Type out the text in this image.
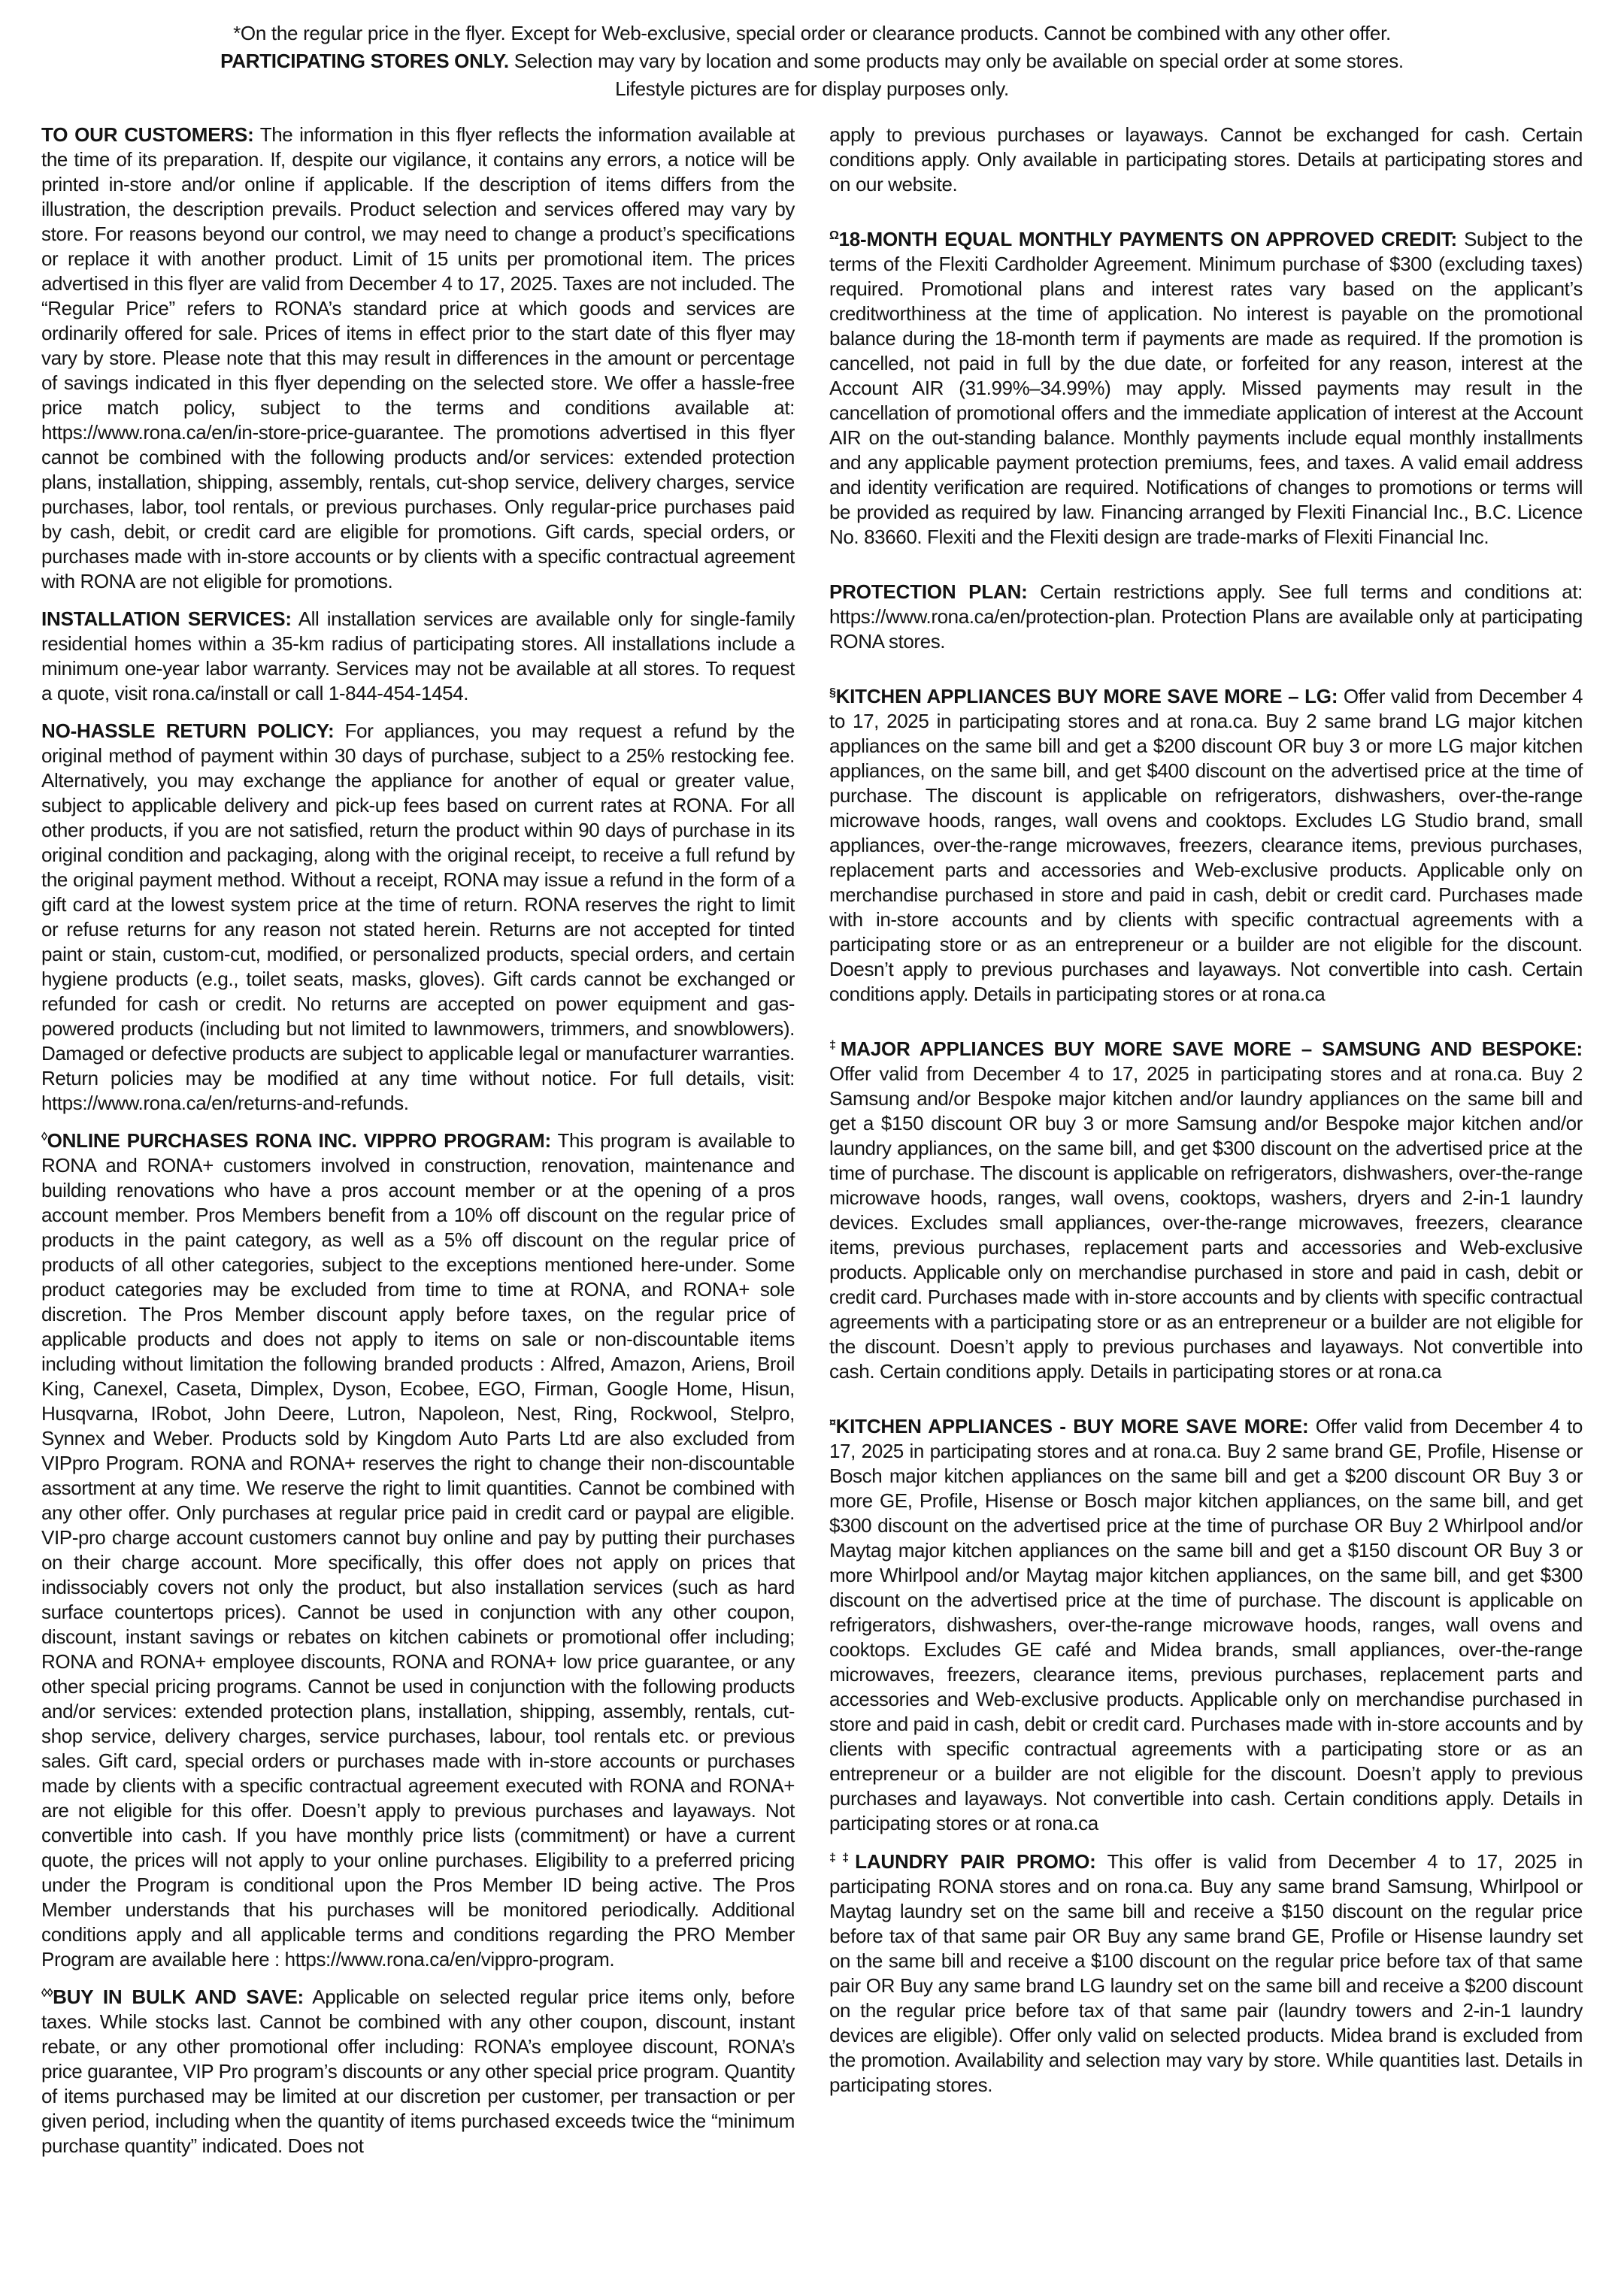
*On the regular price in the flyer. Except for Web-exclusive, special order or clearance products. Cannot be combined with any other offer.
PARTICIPATING STORES ONLY. Selection may vary by location and some products may only be available on special order at some stores.
Lifestyle pictures are for display purposes only.

TO OUR CUSTOMERS: The information in this flyer reflects the information available at the time of its preparation. If, despite our vigilance, it contains any errors, a notice will be printed in-store and/or online if applicable. If the description of items differs from the illustration, the description prevails. Product selection and services offered may vary by store. For reasons beyond our control, we may need to change a product’s specifications or replace it with another product. Limit of 15 units per promotional item. The prices advertised in this flyer are valid from December 4 to 17, 2025. Taxes are not included. The “Regular Price” refers to RONA’s standard price at which goods and services are ordinarily offered for sale. Prices of items in effect prior to the start date of this flyer may vary by store. Please note that this may result in differences in the amount or percentage of savings indicated in this flyer depending on the selected store. We offer a hassle-free price match policy, subject to the terms and conditions available at: https://www.rona.ca/en/in-store-price-guarantee. The promotions advertised in this flyer cannot be combined with the following products and/or services: extended protection plans, installation, shipping, assembly, rentals, cut-shop service, delivery charges, service purchases, labor, tool rentals, or previous purchases. Only regular-price purchases paid by cash, debit, or credit card are eligible for promotions. Gift cards, special orders, or purchases made with in-store accounts or by clients with a specific contractual agreement with RONA are not eligible for promotions.

INSTALLATION SERVICES: All installation services are available only for single-family residential homes within a 35-km radius of participating stores. All installations include a minimum one-year labor warranty. Services may not be available at all stores. To request a quote, visit rona.ca/install or call 1-844-454-1454.

NO-HASSLE RETURN POLICY: For appliances, you may request a refund by the original method of payment within 30 days of purchase, subject to a 25% restocking fee. Alternatively, you may exchange the appliance for another of equal or greater value, subject to applicable delivery and pick-up fees based on current rates at RONA. For all other products, if you are not satisfied, return the product within 90 days of purchase in its original condition and packaging, along with the original receipt, to receive a full refund by the original payment method. Without a receipt, RONA may issue a refund in the form of a gift card at the lowest system price at the time of return. RONA reserves the right to limit or refuse returns for any reason not stated herein. Returns are not accepted for tinted paint or stain, custom-cut, modified, or personalized products, special orders, and certain hygiene products (e.g., toilet seats, masks, gloves). Gift cards cannot be exchanged or refunded for cash or credit. No returns are accepted on power equipment and gas-powered products (including but not limited to lawnmowers, trimmers, and snowblowers). Damaged or defective products are subject to applicable legal or manufacturer warranties. Return policies may be modified at any time without notice. For full details, visit: https://www.rona.ca/en/returns-and-refunds.

◊ONLINE PURCHASES RONA INC. VIPPRO PROGRAM: This program is available to RONA and RONA+ customers involved in construction, renovation, maintenance and building renovations who have a pros account member or at the opening of a pros account member. Pros Members benefit from a 10% off discount on the regular price of products in the paint category, as well as a 5% off discount on the regular price of products of all other categories, subject to the exceptions mentioned here-under. Some product categories may be excluded from time to time at RONA, and RONA+ sole discretion. The Pros Member discount apply before taxes, on the regular price of applicable products and does not apply to items on sale or non-discountable items including without limitation the following branded products : Alfred, Amazon, Ariens, Broil King, Canexel, Caseta, Dimplex, Dyson, Ecobee, EGO, Firman, Google Home, Hisun, Husqvarna, IRobot, John Deere, Lutron, Napoleon, Nest, Ring, Rockwool, Stelpro, Synnex and Weber. Products sold by Kingdom Auto Parts Ltd are also excluded from VIPpro Program. RONA and RONA+ reserves the right to change their non-discountable assortment at any time. We reserve the right to limit quantities. Cannot be combined with any other offer. Only purchases at regular price paid in credit card or paypal are eligible. VIP-pro charge account customers cannot buy online and pay by putting their purchases on their charge account. More specifically, this offer does not apply on prices that indissociably covers not only the product, but also installation services (such as hard surface countertops prices). Cannot be used in conjunction with any other coupon, discount, instant savings or rebates on kitchen cabinets or promotional offer including; RONA and RONA+ employee discounts, RONA and RONA+ low price guarantee, or any other special pricing programs. Cannot be used in conjunction with the following products and/or services: extended protection plans, installation, shipping, assembly, rentals, cut-shop service, delivery charges, service purchases, labour, tool rentals etc. or previous sales. Gift card, special orders or purchases made with in-store accounts or purchases made by clients with a specific contractual agreement executed with RONA and RONA+ are not eligible for this offer. Doesn’t apply to previous purchases and layaways. Not convertible into cash. If you have monthly price lists (commitment) or have a current quote, the prices will not apply to your online purchases. Eligibility to a preferred pricing under the Program is conditional upon the Pros Member ID being active. The Pros Member understands that his purchases will be monitored periodically. Additional conditions apply and all applicable terms and conditions regarding the PRO Member Program are available here : https://www.rona.ca/en/vippro-program.

◊◊BUY IN BULK AND SAVE: Applicable on selected regular price items only, before taxes. While stocks last. Cannot be combined with any other coupon, discount, instant rebate, or any other promotional offer including: RONA’s employee discount, RONA’s price guarantee, VIP Pro program’s discounts or any other special price program. Quantity of items purchased may be limited at our discretion per customer, per transaction or per given period, including when the quantity of items purchased exceeds twice the “minimum purchase quantity” indicated. Does not

apply to previous purchases or layaways. Cannot be exchanged for cash. Certain conditions apply. Only available in participating stores. Details at participating stores and on our website.

$^\Omega$18-MONTH EQUAL MONTHLY PAYMENTS ON APPROVED CREDIT: Subject to the terms of the Flexiti Cardholder Agreement. Minimum purchase of $300 (excluding taxes) required. Promotional plans and interest rates vary based on the applicant’s creditworthiness at the time of application. No interest is payable on the promotional balance during the 18-month term if payments are made as required. If the promotion is cancelled, not paid in full by the due date, or forfeited for any reason, interest at the Account AIR (31.99%–34.99%) may apply. Missed payments may result in the cancellation of promotional offers and the immediate application of interest at the Account AIR on the out-standing balance. Monthly payments include equal monthly installments and any applicable payment protection premiums, fees, and taxes. A valid email address and identity verification are required. Notifications of changes to promotions or terms will be provided as required by law. Financing arranged by Flexiti Financial Inc., B.C. Licence No. 83660. Flexiti and the Flexiti design are trade-marks of Flexiti Financial Inc.

PROTECTION PLAN: Certain restrictions apply. See full terms and conditions at: https://www.rona.ca/en/protection-plan. Protection Plans are available only at participating RONA stores.

§KITCHEN APPLIANCES BUY MORE SAVE MORE – LG: Offer valid from December 4 to 17, 2025 in participating stores and at rona.ca. Buy 2 same brand LG major kitchen appliances on the same bill and get a $200 discount OR buy 3 or more LG major kitchen appliances, on the same bill, and get $400 discount on the advertised price at the time of purchase. The discount is applicable on refrigerators, dishwashers, over-the-range microwave hoods, ranges, wall ovens and cooktops. Excludes LG Studio brand, small appliances, over-the-range microwaves, freezers, clearance items, previous purchases, replacement parts and accessories and Web-exclusive products. Applicable only on merchandise purchased in store and paid in cash, debit or credit card. Purchases made with in-store accounts and by clients with specific contractual agreements with a participating store or as an entrepreneur or a builder are not eligible for the discount. Doesn’t apply to previous purchases and layaways. Not convertible into cash. Certain conditions apply. Details in participating stores or at rona.ca

‡MAJOR APPLIANCES BUY MORE SAVE MORE – SAMSUNG AND BESPOKE: Offer valid from December 4 to 17, 2025 in participating stores and at rona.ca. Buy 2 Samsung and/or Bespoke major kitchen and/or laundry appliances on the same bill and get a $150 discount OR buy 3 or more Samsung and/or Bespoke major kitchen and/or laundry appliances, on the same bill, and get $300 discount on the advertised price at the time of purchase. The discount is applicable on refrigerators, dishwashers, over-the-range microwave hoods, ranges, wall ovens, cooktops, washers, dryers and 2-in-1 laundry devices. Excludes small appliances, over-the-range microwaves, freezers, clearance items, previous purchases, replacement parts and accessories and Web-exclusive products. Applicable only on merchandise purchased in store and paid in cash, debit or credit card. Purchases made with in-store accounts and by clients with specific contractual agreements with a participating store or as an entrepreneur or a builder are not eligible for the discount. Doesn’t apply to previous purchases and layaways. Not convertible into cash. Certain conditions apply. Details in participating stores or at rona.ca

¤KITCHEN APPLIANCES - BUY MORE SAVE MORE: Offer valid from December 4 to 17, 2025 in participating stores and at rona.ca. Buy 2 same brand GE, Profile, Hisense or Bosch major kitchen appliances on the same bill and get a $200 discount OR Buy 3 or more GE, Profile, Hisense or Bosch major kitchen appliances, on the same bill, and get $300 discount on the advertised price at the time of purchase OR Buy 2 Whirlpool and/or Maytag major kitchen appliances on the same bill and get a $150 discount OR Buy 3 or more Whirlpool and/or Maytag major kitchen appliances, on the same bill, and get $300 discount on the advertised price at the time of purchase. The discount is applicable on refrigerators, dishwashers, over-the-range microwave hoods, ranges, wall ovens and cooktops. Excludes GE café and Midea brands, small appliances, over-the-range microwaves, freezers, clearance items, previous purchases, replacement parts and accessories and Web-exclusive products. Applicable only on merchandise purchased in store and paid in cash, debit or credit card. Purchases made with in-store accounts and by clients with specific contractual agreements with a participating store or as an entrepreneur or a builder are not eligible for the discount. Doesn’t apply to previous purchases and layaways. Not convertible into cash. Certain conditions apply. Details in participating stores or at rona.ca

‡‡LAUNDRY PAIR PROMO: This offer is valid from December 4 to 17, 2025 in participating RONA stores and on rona.ca. Buy any same brand Samsung, Whirlpool or Maytag laundry set on the same bill and receive a $150 discount on the regular price before tax of that same pair OR Buy any same brand GE, Profile or Hisense laundry set on the same bill and receive a $100 discount on the regular price before tax of that same pair OR Buy any same brand LG laundry set on the same bill and receive a $200 discount on the regular price before tax of that same pair (laundry towers and 2-in-1 laundry devices are eligible). Offer only valid on selected products. Midea brand is excluded from the promotion. Availability and selection may vary by store. While quantities last. Details in participating stores.
